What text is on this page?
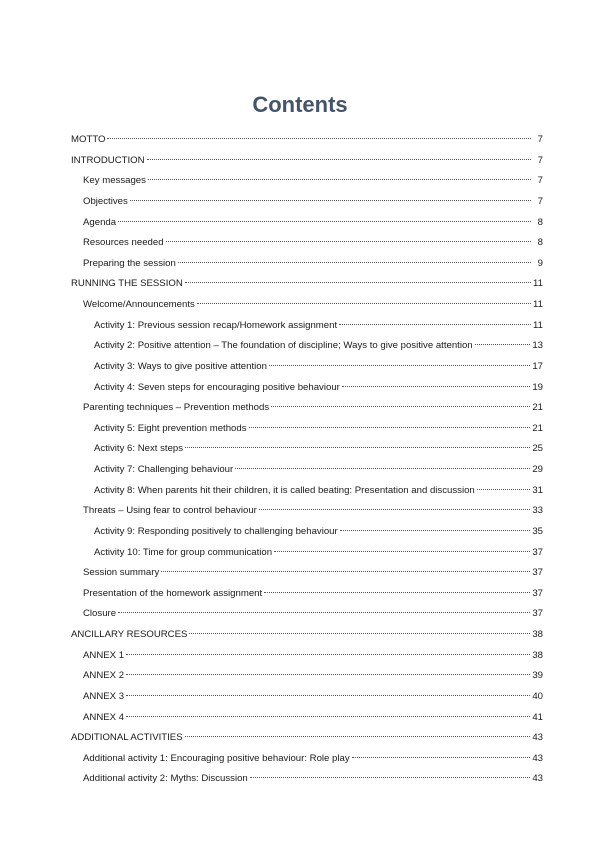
Contents
MOTTO	7
INTRODUCTION	7
Key messages	7
Objectives	7
Agenda	8
Resources needed	8
Preparing the session	9
RUNNING THE SESSION	11
Welcome/Announcements	11
Activity 1: Previous session recap/Homework assignment	11
Activity 2: Positive attention – The foundation of discipline; Ways to give positive attention	13
Activity 3: Ways to give positive attention	17
Activity 4: Seven steps for encouraging positive behaviour	19
Parenting techniques – Prevention methods	21
Activity 5: Eight prevention methods	21
Activity 6: Next steps	25
Activity 7: Challenging behaviour	29
Activity 8: When parents hit their children, it is called beating: Presentation and discussion	31
Threats – Using fear to control behaviour	33
Activity 9: Responding positively to challenging behaviour	35
Activity 10: Time for group communication	37
Session summary	37
Presentation of the homework assignment	37
Closure	37
ANCILLARY RESOURCES	38
ANNEX 1	38
ANNEX 2	39
ANNEX 3	40
ANNEX 4	41
ADDITIONAL ACTIVITIES	43
Additional activity 1: Encouraging positive behaviour: Role play	43
Additional activity 2: Myths: Discussion	43
